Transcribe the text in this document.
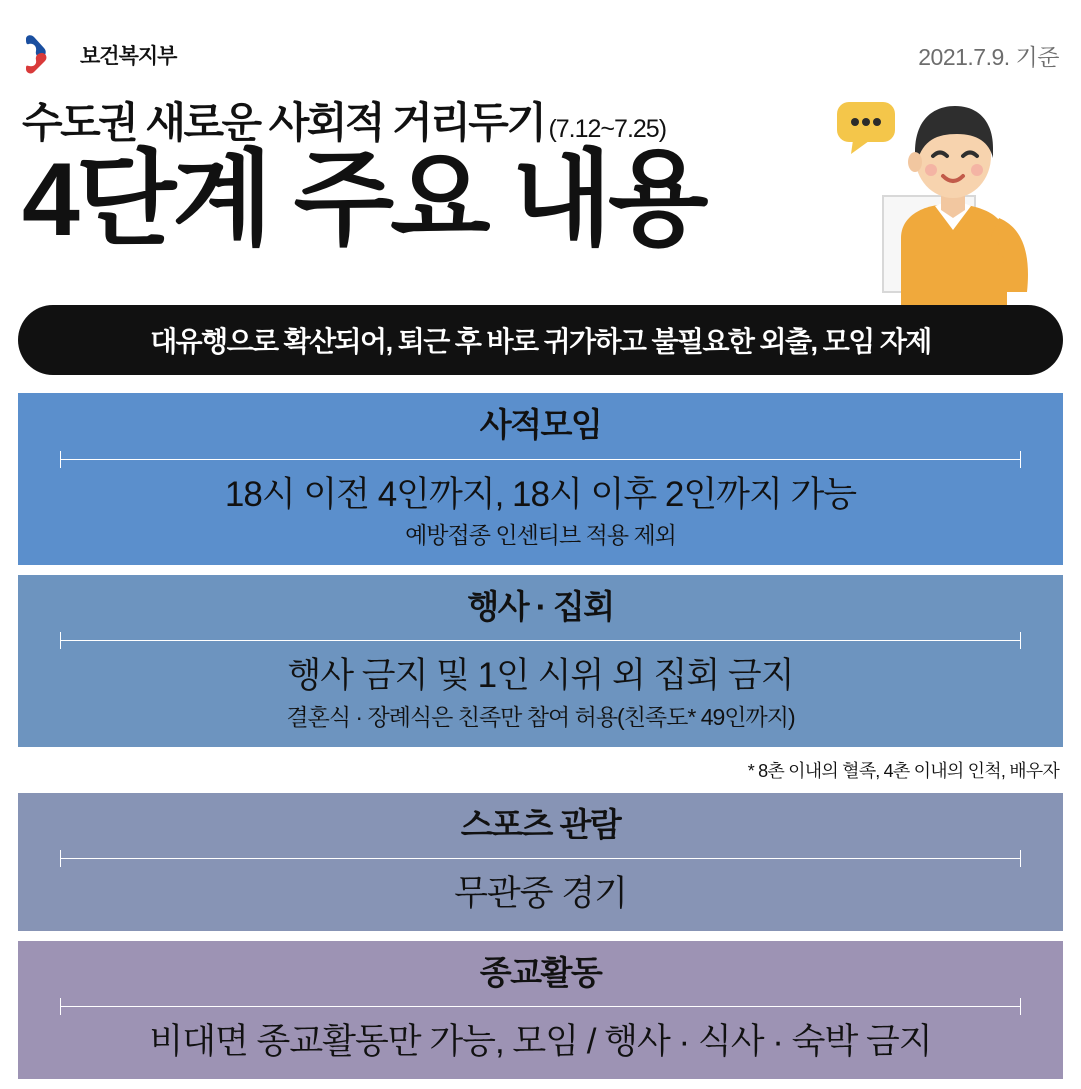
보건복지부	2021.7.9. 기준
수도권 새로운 사회적 거리두기 (7.12~7.25)
4단계 주요 내용
대유행으로 확산되어, 퇴근 후 바로 귀가하고 불필요한 외출, 모임 자제
사적모임
18시 이전 4인까지, 18시 이후 2인까지 가능
예방접종 인센티브 적용 제외
행사 · 집회
행사 금지 및 1인 시위 외 집회 금지
결혼식 · 장례식은 친족만 참여 허용(친족도* 49인까지)
* 8촌 이내의 혈족, 4촌 이내의 인척, 배우자
스포츠 관람
무관중 경기
종교활동
비대면 종교활동만 가능, 모임 / 행사 · 식사 · 숙박 금지
